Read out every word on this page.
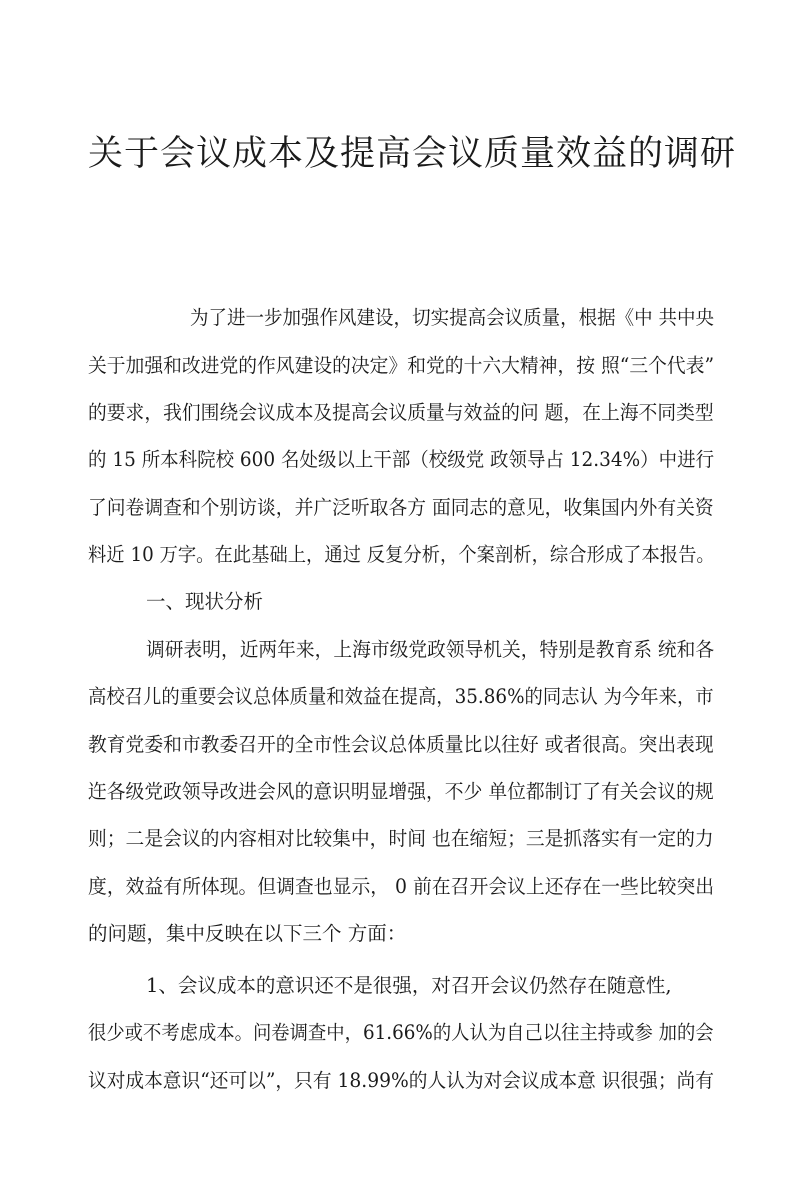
关于会议成本及提高会议质量效益的调研
为了进一步加强作风建设，切实提高会议质量，根据《中 共中央
关于加强和改进党的作风建设的决定》和党的十六大精神，按 照“三个代表”
的要求，我们围绕会议成本及提高会议质量与效益的问 题，在上海不同类型
的 15 所本科院校 600 名处级以上干部（校级党 政领导占 12.34%）中进行
了问卷调查和个别访谈，并广泛听取各方 面同志的意见，收集国内外有关资
料近 10 万字。在此基础上，通过 反复分析，个案剖析，综合形成了本报告。
一、现状分析
调研表明，近两年来，上海市级党政领导机关，特别是教育系 统和各
高校召儿的重要会议总体质量和效益在提高，35.86%的同志认 为今年来，市
教育党委和市教委召开的全市性会议总体质量比以往好 或者很高。突出表现
迕各级党政领导改进会风的意识明显增强，不少 单位都制订了有关会议的规
则；二是会议的内容相对比较集中，时间 也在缩短；三是抓落实有一定的力
度，效益有所体现。但调查也显示， 0 前在召开会议上还存在一些比较突出
的问题，集中反映在以下三个 方面：
1、会议成本的意识还不是很强，对召开会议仍然存在随意性,
很少或不考虑成本。问卷调查中，61.66%的人认为自己以往主持或参 加的会
议对成本意识“还可以”，只有 18.99%的人认为对会议成本意 识很强；尚有
